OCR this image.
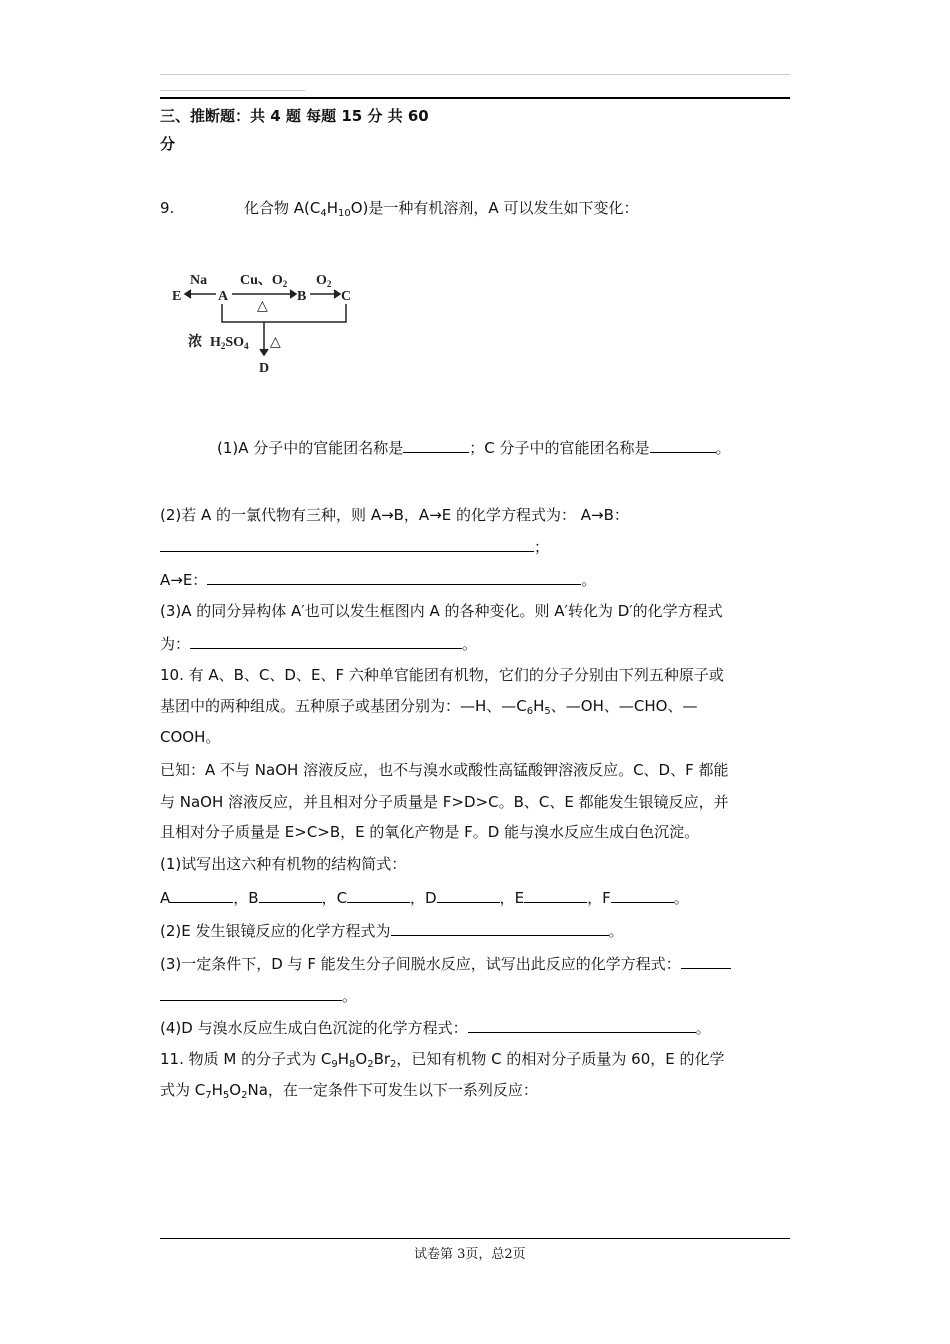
三、推断题：共 4 题 每题 15 分 共 60
分
9.	化合物 $A(C_4H_{10}O)$是一种有机溶剂，A 可以发生如下变化：
Na
E	A
Cu、$O_2$
B
$O_2$
C
浓 $H_2SO_4$
D
△
△
(1)A 分子中的官能团名称是	；C 分子中的官能团名称是	。
(2)若 A 的一氯代物有三种，则 A→B，A→E 的化学方程式为： A→B：
；
A→E：	。
(3)A 的同分异构体 A′也可以发生框图内 A 的各种变化。则 A′转化为 D′的化学方程式
为：	。
10. 有 A、B、C、D、E、F 六种单官能团有机物，它们的分子分别由下列五种原子或
基团中的两种组成。五种原子或基团分别为：—H、$—C_6H_5$、—OH、—CHO、—
COOH。
已知：A 不与 NaOH 溶液反应，也不与溴水或酸性高锰酸钾溶液反应。C、D、F 都能
与 NaOH 溶液反应，并且相对分子质量是 F>D>C。B、C、E 都能发生银镜反应，并
且相对分子质量是 E>C>B，E 的氧化产物是 F。D 能与溴水反应生成白色沉淀。
(1)试写出这六种有机物的结构简式：
A	，B	，C	，D	，E	，F	。
(2)E 发生银镜反应的化学方程式为	。
(3)一定条件下，D 与 F 能发生分子间脱水反应，试写出此反应的化学方程式：
。
(4)D 与溴水反应生成白色沉淀的化学方程式：	。
11. 物质 M 的分子式为 $C_9H_8O_2Br_2$，已知有机物 C 的相对分子质量为 60，E 的化学
式为 $C_7H_5O_2Na$，在一定条件下可发生以下一系列反应：
试卷第 3页，总2页
